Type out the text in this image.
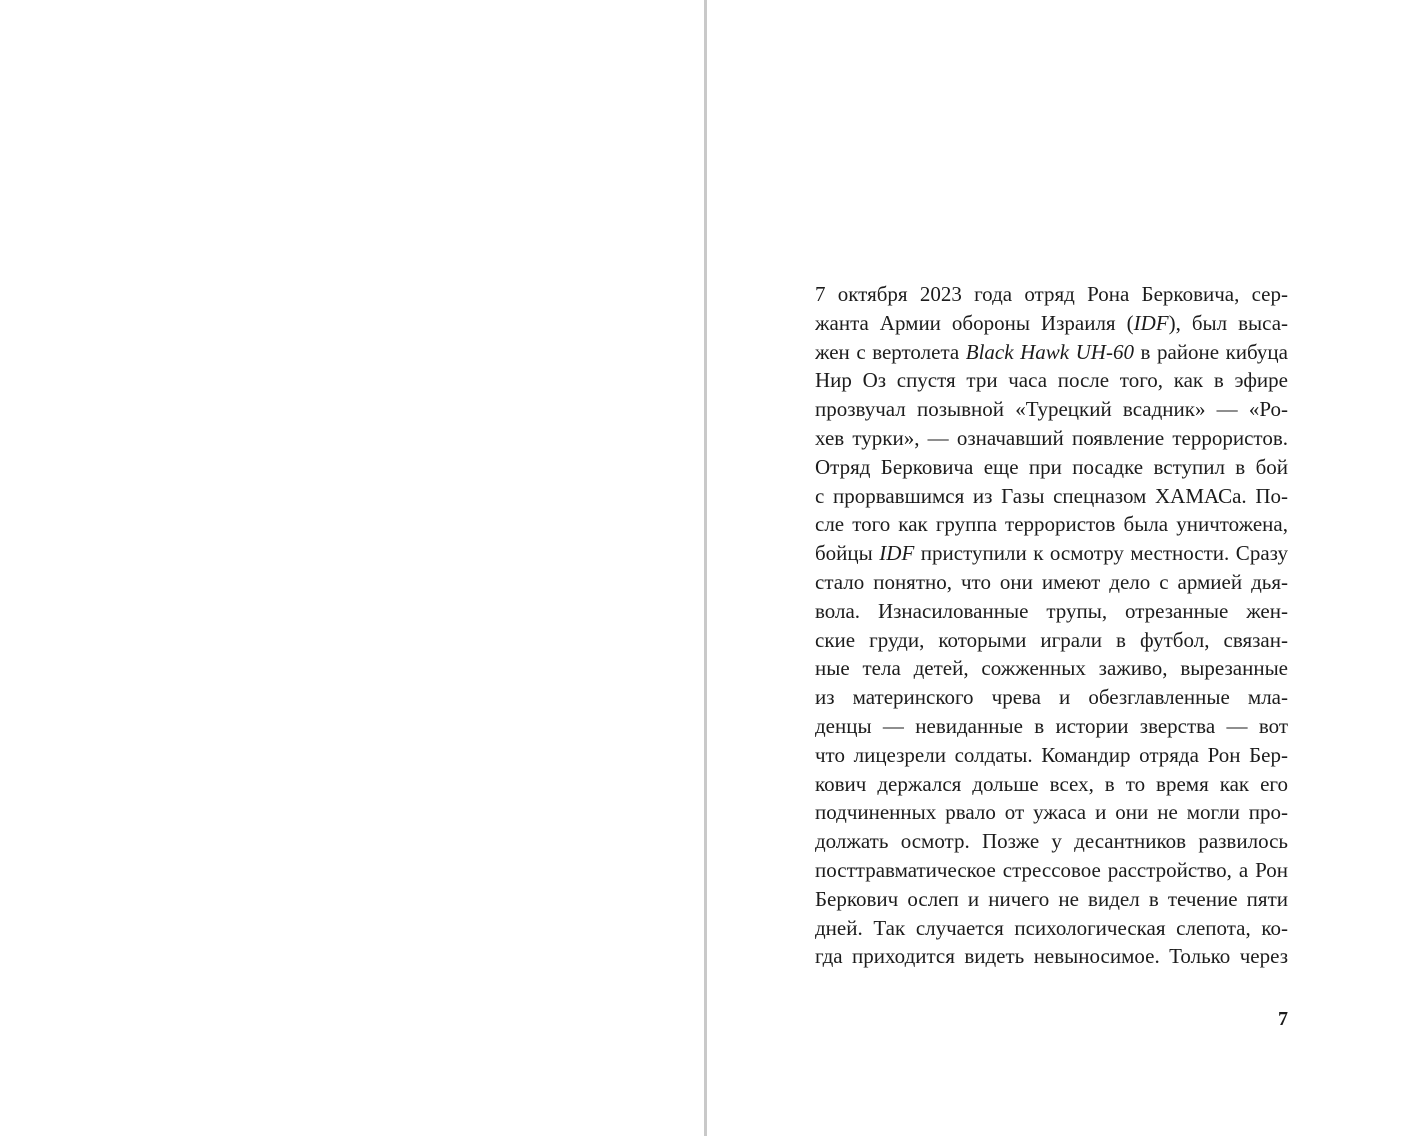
7 октября 2023 года отряд Рона Берковича, сер-
жанта Армии обороны Израиля (IDF), был выса-
жен с вертолета Black Hawk UH-60 в районе кибуца
Нир Оз спустя три часа после того, как в эфире
прозвучал позывной «Турецкий всадник» — «Ро-
хев турки», — означавший появление террористов.
Отряд Берковича еще при посадке вступил в бой
с прорвавшимся из Газы спецназом ХАМАСа. По-
сле того как группа террористов была уничтожена,
бойцы IDF приступили к осмотру местности. Сразу
стало понятно, что они имеют дело с армией дья-
вола. Изнасилованные трупы, отрезанные жен-
ские груди, которыми играли в футбол, связан-
ные тела детей, сожженных заживо, вырезанные
из материнского чрева и обезглавленные мла-
денцы — невиданные в истории зверства — вот
что лицезрели солдаты. Командир отряда Рон Бер-
кович держался дольше всех, в то время как его
подчиненных рвало от ужаса и они не могли про-
должать осмотр. Позже у десантников развилось
посттравматическое стрессовое расстройство, а Рон
Беркович ослеп и ничего не видел в течение пяти
дней. Так случается психологическая слепота, ко-
гда приходится видеть невыносимое. Только через
7
